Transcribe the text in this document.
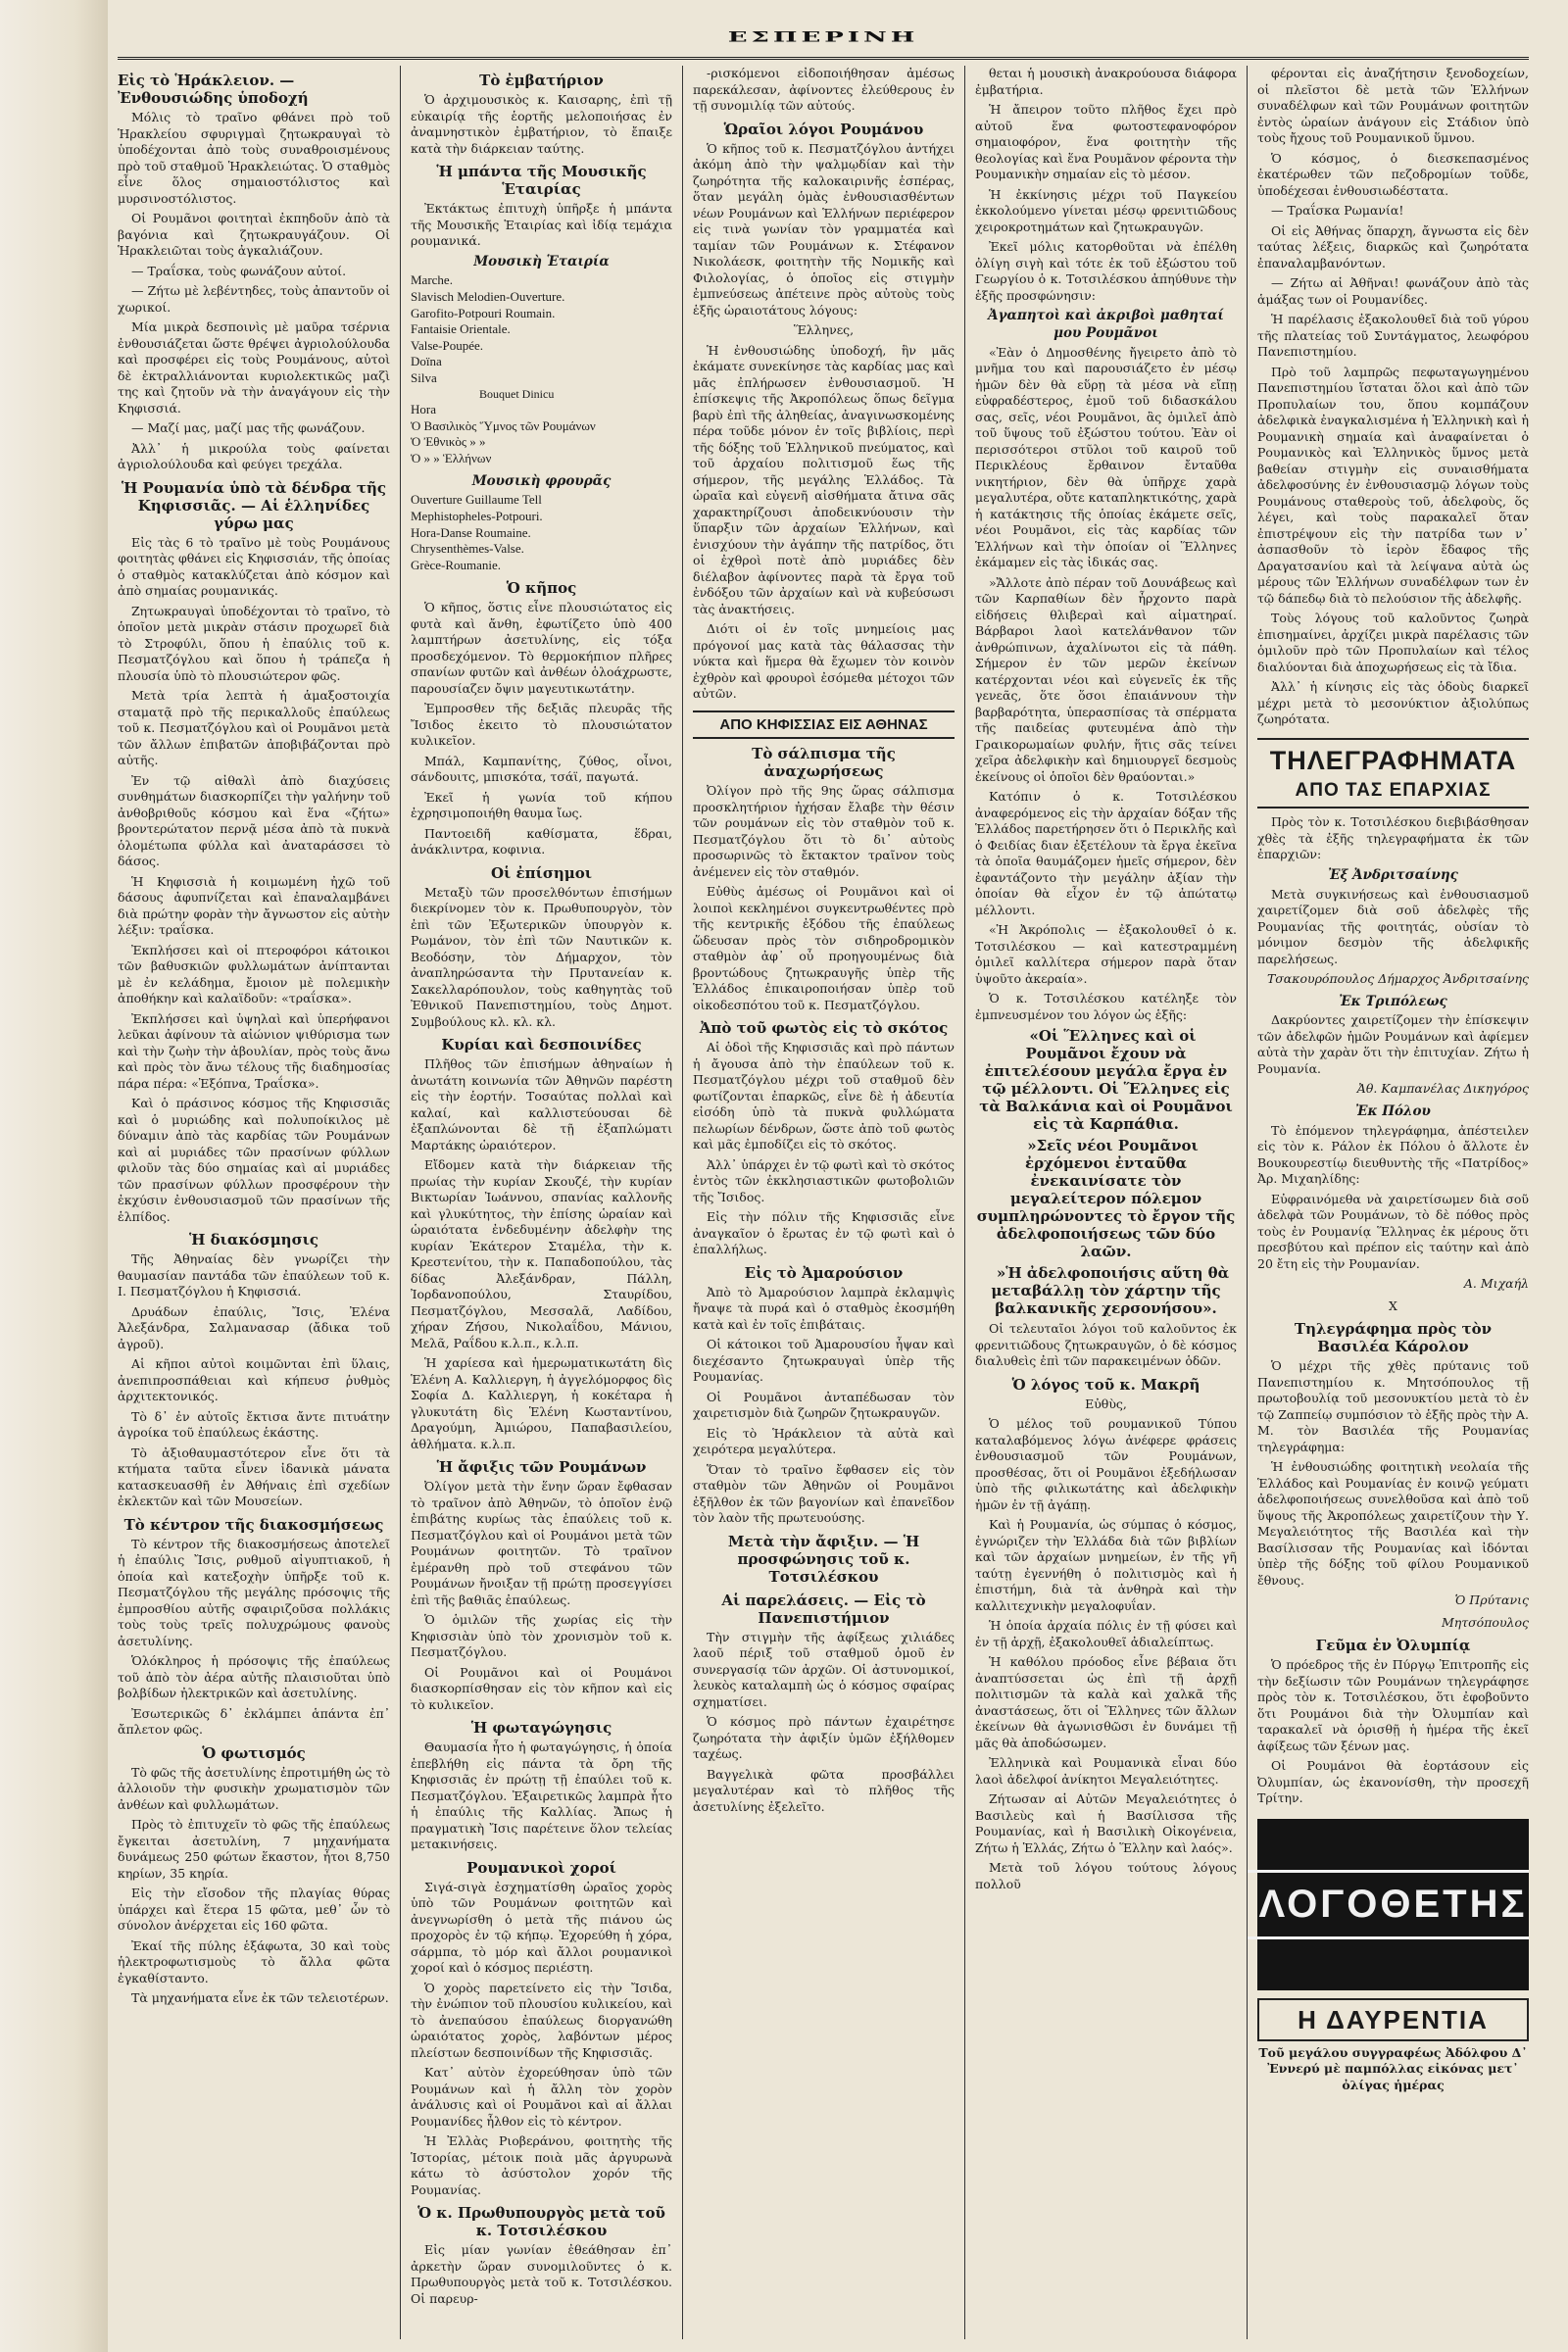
ΕΣΠΕΡΙΝΗ
Εἰς τὸ Ἡράκλειον. — Ἐνθουσιώδης ὑποδοχή

Μόλις τὸ τραῖνο φθάνει πρὸ τοῦ Ἡρακλείου σφυριγμαὶ ζητωκραυγαὶ τὸ ὑποδέχονται ἀπὸ τοὺς συναθροισμένους πρὸ τοῦ σταθμοῦ Ἡρακλειώτας. Ὁ σταθμὸς εἶνε ὅλος σημαιοστόλιστος καὶ μυρσινοστόλιστος.

Οἱ Ρουμᾶνοι φοιτηταὶ ἐκπηδοῦν ἀπὸ τὰ βαγόνια καὶ ζητωκραυγάζουν. Οἱ Ἡρακλειῶται τοὺς ἀγκαλιάζουν.

— Τραΐσκα, τοὺς φωνάζουν αὐτοί.

— Ζήτω μὲ λεβέντηδες, τοὺς ἀπαντοῦν οἱ χωρικοί.

Μία μικρὰ δεσποινὶς μὲ μαῦρα τσέρνια ἐνθουσιάζεται ὥστε θρέψει ἀγριολούλουδα καὶ προσφέρει εἰς τοὺς Ρουμάνους, αὐτοὶ δὲ ἐκτραλλιάνονται κυριολεκτικῶς μαζὶ της καὶ ζητοῦν νὰ τὴν ἀναγάγουν εἰς τὴν Κηφισσιά.

— Μαζί μας, μαζί μας τῆς φωνάζουν.

Ἀλλ᾽ ἡ μικρούλα τοὺς φαίνεται ἀγριολούλουδα καὶ φεύγει τρεχάλα.

Ἡ Ρουμανία ὑπὸ τὰ δένδρα τῆς Κηφισσιᾶς. — Αἱ ἑλληνίδες γύρω μας

Εἰς τὰς 6 τὸ τραῖνο μὲ τοὺς Ρουμάνους φοιτητὰς φθάνει εἰς Κηφισσιάν, τῆς ὁποίας ὁ σταθμὸς κατακλύζεται ἀπὸ κόσμον καὶ ἀπὸ σημαίας ρουμανικάς.

Ζητωκραυγαὶ ὑποδέχονται τὸ τραῖνο, τὸ ὁποῖον μετὰ μικρὰν στάσιν προχωρεῖ διὰ τὸ Στροφύλι, ὅπου ἡ ἐπαύλις τοῦ κ. Πεσματζόγλου καὶ ὅπου ἡ τράπεζα ἡ πλουσία ὑπὸ τὸ πλουσιώτερον φῶς.

Μετὰ τρία λεπτὰ ἡ ἁμαξοστοιχία σταματᾷ πρὸ τῆς περικαλλοῦς ἐπαύλεως τοῦ κ. Πεσματζόγλου καὶ οἱ Ρουμᾶνοι μετὰ τῶν ἄλλων ἐπιβατῶν ἀποβιβάζονται πρὸ αὐτῆς.

Ἐν τῷ αἰθαλὶ ἀπὸ διαχύσεις συνθημάτων διασκορπίζει τὴν γαλήνην τοῦ ἀνθοβριθοῦς κόσμου καὶ ἕνα «ζήτω» βροντερώτατον περνᾷ μέσα ἀπὸ τὰ πυκνὰ ὁλομέτωπα φύλλα καὶ ἀναταράσσει τὸ δάσος.

Ἡ Κηφισσιὰ ἡ κοιμωμένη ἠχῶ τοῦ δάσους ἀφυπνίζεται καὶ ἐπαναλαμβάνει διὰ πρώτην φορὰν τὴν ἄγνωστον εἰς αὐτὴν λέξιν: τραΐσκα.

Ἐκπλήσσει καὶ οἱ πτεροφόροι κάτοικοι τῶν βαθυσκιῶν φυλλωμάτων ἀνίπτανται μὲ ἐν κελάδημα, ἔμοιον μὲ πολεμικὴν ἀποθήκην καὶ καλαϊδοῦν: «τραΐσκα».

Ἐκπλήσσει καὶ ὑψηλαὶ καὶ ὑπερήφανοι λεῦκαι ἀφίνουν τὰ αἰώνιον ψιθύρισμα των καὶ τὴν ζωὴν τὴν ἀβουλίαν, πρὸς τοὺς ἄνω καὶ πρὸς τὸν ἄνω τέλους τῆς διαδημοσίας πάρα πέρα: «Ἐξόπνα, Τραΐσκα».

Καὶ ὁ πράσινος κόσμος τῆς Κηφισσιᾶς καὶ ὁ μυριώδης καὶ πολυποίκιλος μὲ δύναμιν ἀπὸ τὰς καρδίας τῶν Ρουμάνων καὶ αἱ μυριάδες τῶν πρασίνων φύλλων φιλοῦν τὰς δύο σημαίας καὶ αἱ μυριάδες τῶν πρασίνων φύλλων προσφέρουν τὴν ἐκχύσιν ἐνθουσιασμοῦ τῶν πρασίνων τῆς ἑλπίδος.

Ἡ διακόσμησις

Τῆς Ἀθηναίας δὲν γνωρίζει τὴν θαυμασίαν παντάδα τῶν ἐπαύλεων τοῦ κ. Ι. Πεσματζόγλου ἡ Κηφισσιά.

Δρυάδων ἐπαύλις, Ἴσις, Ἐλένα Ἀλεξάνδρα, Σαλμανασαρ (ἄδικα τοῦ ἀγροῦ).

Αἱ κῆποι αὐτοὶ κοιμῶνται ἐπὶ ὕλαις, ἀνεπιπροσπάθειαι καὶ κήπευσ ῥυθμὸς ἀρχιτεκτονικός.

Τὸ δ᾽ ἐν αὐτοῖς ἔκτισα ἄντε πιτυάτην ἀγροίκα τοῦ ἐπαύλεως ἑκάστης.

Τὸ ἀξιοθαυμαστότερον εἶνε ὅτι τὰ κτήματα ταῦτα εἶνεν ἰδανικὰ μάνατα κατασκευασθῆ ἐν Ἀθήναις ἐπὶ σχεδίων ἐκλεκτῶν καὶ τῶν Μουσείων.

Τὸ κέντρον τῆς διακοσμήσεως

Τὸ κέντρον τῆς διακοσμήσεως ἀποτελεῖ ἡ ἐπαύλις Ἴσις, ρυθμοῦ αἰγυπτιακοῦ, ἡ ὁποία καὶ κατεξοχὴν ὑπῆρξε τοῦ κ. Πεσματζόγλου τῆς μεγάλης πρόσοψις τῆς ἐμπροσθίου αὐτῆς σφαιριζοῦσα πολλάκις τοὺς τοὺς τρεῖς πολυχρώμους φανοὺς ἀσετυλίνης.

Ὁλόκληρος ἡ πρόσοψις τῆς ἐπαύλεως τοῦ ἀπὸ τὸν ἀέρα αὐτῆς πλαισιοῦται ὑπὸ βολβίδων ἠλεκτρικῶν καὶ ἀσετυλίνης.

Ἐσωτερικῶς δ᾽ ἐκλάμπει ἁπάντα ἐπ᾽ ἄπλετον φῶς.

Ὁ φωτισμός

Τὸ φῶς τῆς ἀσετυλίνης ἐπροτιμήθη ὡς τὸ ἀλλοιοῦν τὴν φυσικὴν χρωματισμὸν τῶν ἀνθέων καὶ φυλλωμάτων.

Πρὸς τὸ ἐπιτυχεῖν τὸ φῶς τῆς ἐπαύλεως ἔγκειται ἀσετυλίνη, 7 μηχανήματα δυνάμεως 250 φώτων ἕκαστον, ἦτοι 8,750 κηρίων, 35 κηρία.

Εἰς τὴν εἴσοδον τῆς πλαγίας θύρας ὑπάρχει καὶ ἕτερα 15 φῶτα, μεθ᾽ ὧν τὸ σύνολον ἀνέρχεται εἰς 160 φῶτα.

Ἐκαί τῆς πύλης ἑξάφωτα, 30 καὶ τοὺς ἡλεκτροφωτισμοὺς τὸ ἄλλα φῶτα ἐγκαθίσταντο.

Τὰ μηχανήματα εἶνε ἐκ τῶν τελειοτέρων.

Τὸ ἐμβατήριον

Ὁ ἀρχιμουσικὸς κ. Καισαρης, ἐπὶ τῇ εὐκαιρίᾳ τῆς ἑορτῆς μελοποιήσας ἐν ἀναμνηστικὸν ἐμβατήριον, τὸ ἔπαιξε κατὰ τὴν διάρκειαν ταύτης.

Ἡ μπάντα τῆς Μουσικῆς Ἑταιρίας

Ἐκτάκτως ἐπιτυχὴ ὑπῆρξε ἡ μπάντα τῆς Μουσικῆς Ἑταιρίας καὶ ἰδίᾳ τεμάχια ρουμανικά.

Μουσικὴ Ἑταιρία
Marche.
Slavisch Melodien-Ouverture.
Garofito-Potpouri Roumain.
Fantaisie Orientale.
Valse-Poupée.
Doïna
Silva
Bouquet Dinicu
Hora
Ὁ Βασιλικὸς Ὕμνος τῶν Ρουμάνων
Ὁ Ἐθνικὸς » »
Ὁ » » Ἑλλήνων
Μουσικὴ φρουρᾶς
Ouverture Guillaume Tell
Mephistopheles-Potpouri.
Hora-Danse Roumaine.
Chrysenthèmes-Valse.
Grèce-Roumanie.
Ὁ κῆπος

Ὁ κῆπος, ὅστις εἶνε πλουσιώτατος εἰς φυτὰ καὶ ἄνθη, ἐφωτίζετο ὑπὸ 400 λαμπτήρων ἀσετυλίνης, εἰς τόξα προσδεχόμενον. Τὸ θερμοκήπιον πλῆρες σπανίων φυτῶν καὶ ἀνθέων ὁλοάχρωστε, παρουσίαζεν ὄψιν μαγευτικωτάτην.

Ἐμπροσθεν τῆς δεξιᾶς πλευρᾶς τῆς Ἴσιδος ἐκειτο τὸ πλουσιώτατον κυλικεῖον.

Μπάλ, Καμπανίτης, ζύθος, οἶνοι, σάνδουιτς, μπισκότα, τσάϊ, παγωτά.

Ἐκεῖ ἡ γωνία τοῦ κήπου ἐχρησιμοποιήθη θαυμα ἴως.

Παντοειδῆ καθίσματα, ἕδραι, ἀνάκλιντρα, κοφινια.

Οἱ ἐπίσημοι

Μεταξὺ τῶν προσελθόντων ἐπισήμων διεκρίνομεν τὸν κ. Πρωθυπουργὸν, τὸν ἐπὶ τῶν Ἐξωτερικῶν ὑπουργὸν κ. Ρωμάνον, τὸν ἐπὶ τῶν Ναυτικῶν κ. Βεοδόσην, τὸν Δήμαρχον, τὸν ἀναπληρώσαντα τὴν Πρυτανείαν κ. Σακελλαρόπουλον, τοὺς καθηγητὰς τοῦ Ἐθνικοῦ Πανεπιστημίου, τοὺς Δημοτ. Συμβούλους κλ. κλ. κλ.

Κυρίαι καὶ δεσποινίδες

Πλῆθος τῶν ἐπισήμων ἀθηναίων ἡ ἀνωτάτη κοινωνία τῶν Ἀθηνῶν παρέστη εἰς τὴν ἑορτήν. Τοσαύτας πολλαὶ καὶ καλαί, καὶ καλλιστεύουσαι δὲ ἐξαπλώνονται δὲ τῇ ἐξαπλώματι Μαρτάκης ὡραιότερον.

Εἴδομεν κατὰ τὴν διάρκειαν τῆς πρωίας τὴν κυρίαν Σκουζέ, τὴν κυρίαν Βικτωρίαν Ἰωάννου, σπανίας καλλονῆς καὶ γλυκύτητος, τὴν ἐπίσης ὡραίαν καὶ ὡραιότατα ἐνδεδυμένην ἀδελφὴν της κυρίαν Ἑκάτερον Σταμέλα, τὴν κ. Κρεστενίτου, τὴν κ. Παπαδοπούλου, τὰς δίδας Ἀλεξάνδραν, Πάλλη, Ἰορδανοπούλου, Σταυρίδου, Πεσματζόγλου, Μεσσαλᾶ, Λαδίδου, χήραν Ζήσου, Νικολαΐδου, Μάνιου, Μελᾶ, Ραΐδου κ.λ.π., κ.λ.π.

Ἡ χαρίεσα καὶ ἡμερωματικωτάτη δὶς Ἑλένη Α. Καλλιεργη, ἡ ἀγγελόμορφος δὶς Σοφία Δ. Καλλιεργη, ἡ κοκέταρα ἡ γλυκυτάτη δὶς Ἑλένη Κωσταντίνου, Δραγούμη, Ἀμιώρου, Παπαβασιλείου, ἀθλήματα. κ.λ.π.

Ἡ ἄφιξις τῶν Ρουμάνων

Ὀλίγον μετὰ τὴν ἕνην ὥραν ἔφθασαν τὸ τραῖνον ἀπὸ Ἀθηνῶν, τὸ ὁποῖον ἐνῷ ἐπιβάτης κυρίως τὰς ἐπαύλεις τοῦ κ. Πεσματζόγλου καὶ οἱ Ρουμάνοι μετὰ τῶν Ρουμάνων φοιτητῶν. Τὸ τραῖνον ἐμέρανθη πρὸ τοῦ στεφάνου τῶν Ρουμάνων ἤνοιξαν τῇ πρώτῃ προσεγγίσει ἐπὶ τῆς βαθιᾶς ἐπαύλεως.

Ὁ ὁμιλῶν τῆς χωρίας εἰς τὴν Κηφισσιὰν ὑπὸ τὸν χρονισμὸν τοῦ κ. Πεσματζόγλου.

Οἱ Ρουμᾶνοι καὶ οἱ Ρουμάνοι διασκορπίσθησαν εἰς τὸν κῆπον καὶ εἰς τὸ κυλικεῖον.

Ἡ φωταγώγησις

Θαυμασία ἦτο ἡ φωταγώγησις, ἡ ὁποία ἐπεβλήθη εἰς πάντα τὰ ὄρη τῆς Κηφισσιᾶς ἐν πρώτῃ τῇ ἐπαύλει τοῦ κ. Πεσματζόγλου. Ἐξαιρετικῶς λαμπρὰ ἦτο ἡ ἐπαύλις τῆς Καλλίας. Ἄπως ἡ πραγματικὴ Ἴσις παρέτεινε ὅλον τελείας μετακινήσεις.

Ρουμανικοὶ χοροί

Σιγά-σιγὰ ἐσχηματίσθη ὡραῖος χορὸς ὑπὸ τῶν Ρουμάνων φοιτητῶν καὶ ἀνεγνωρίσθη ὁ μετὰ τῆς πιάνου ὡς προχορὸς ἐν τῷ κήπῳ. Ἐχορεύθη ἡ χόρα, σάρμπα, τὸ μόρ καὶ ἄλλοι ρουμανικοὶ χοροί καὶ ὁ κόσμος περιέστη.

Ὁ χορὸς παρετείνετο εἰς τὴν Ἴσιδα, τὴν ἐνώπιον τοῦ πλουσίου κυλικείου, καὶ τὸ ἀνεπαύσου ἐπαύλεως διοργανώθη ὡραιότατος χορὸς, λαβόντων μέρος πλείστων δεσποινίδων τῆς Κηφισσιᾶς.

Κατ᾽ αὐτὸν ἐχορεύθησαν ὑπὸ τῶν Ρουμάνων καὶ ἡ ἄλλη τὸν χορὸν ἀνάλυσις καὶ οἱ Ρουμᾶνοι καὶ αἱ ἄλλαι Ρουμανίδες ἦλθον εἰς τὸ κέντρον.

Ἡ Ἐλλὰς Ριοβεράνου, φοιτητὴς τῆς Ἱστορίας, μέτοικ ποιὰ μᾶς ἀργυρωνὰ κάτω τὸ ἀσύστολον χορόν τῆς Ρουμανίας.

Ὁ κ. Πρωθυπουργὸς μετὰ τοῦ κ. Τοτσιλέσκου

Εἰς μίαν γωνίαν ἐθεάθησαν ἐπ᾽ ἀρκετὴν ὥραν συνομιλοῦντες ὁ κ. Πρωθυπουργὸς μετὰ τοῦ κ. Τοτσιλέσκου. Οἱ παρευρ-

-ρισκόμενοι εἰδοποιήθησαν ἀμέσως παρεκάλεσαν, ἀφίνοντες ἐλεύθερους ἐν τῇ συνομιλίᾳ τῶν αὐτούς.

Ὡραῖοι λόγοι Ρουμάνου

Ὁ κῆπος τοῦ κ. Πεσματζόγλου ἀντήχει ἀκόμη ἀπὸ τὴν ψαλμῳδίαν καὶ τὴν ζωηρότητα τῆς καλοκαιρινῆς ἑσπέρας, ὅταν μεγάλη ὁμὰς ἐνθουσιασθέντων νέων Ρουμάνων καὶ Ἑλλήνων περιέφερον εἰς τινὰ γωνίαν τὸν γραμματέα καὶ ταμίαν τῶν Ρουμάνων κ. Στέφανον Νικολάεσκ, φοιτητὴν τῆς Νομικῆς καὶ Φιλολογίας, ὁ ὁποῖος εἰς στιγμὴν ἐμπνεύσεως ἀπέτεινε πρὸς αὐτοὺς τοὺς ἑξῆς ὡραιοτάτους λόγους:

Ἕλληνες,

Ἡ ἐνθουσιώδης ὑποδοχή, ἣν μᾶς ἐκάματε συνεκίνησε τὰς καρδίας μας καὶ μᾶς ἐπλήρωσεν ἐνθουσιασμοῦ. Ἡ ἐπίσκεψις τῆς Ἀκροπόλεως ὅπως δεῖγμα βαρὺ ἐπὶ τῆς ἀληθείας, ἀναγινωσκομένης πέρα τοῦδε μόνον ἐν τοῖς βιβλίοις, περὶ τῆς δόξης τοῦ Ἑλληνικοῦ πνεύματος, καὶ τοῦ ἀρχαίου πολιτισμοῦ ἕως τῆς σήμερον, τῆς μεγάλης Ἑλλάδος. Τὰ ὡραῖα καὶ εὐγενῆ αἰσθήματα ἄτινα σᾶς χαρακτηρίζουσι ἀποδεικνύουσιν τὴν ὕπαρξιν τῶν ἀρχαίων Ἑλλήνων, καὶ ἐνισχύουν τὴν ἀγάπην τῆς πατρίδος, ὅτι οἱ ἐχθροὶ ποτὲ ἀπὸ μυριάδες δὲν διέλαβον ἀφίνοντες παρὰ τὰ ἔργα τοῦ ἐνδόξου τῶν ἀρχαίων καὶ νὰ κυβεύσωσι τὰς ἀνακτήσεις.

Διότι οἱ ἐν τοῖς μνημείοις μας πρόγονοί μας κατὰ τὰς θάλασσας τὴν νύκτα καὶ ἥμερα θὰ ἔχωμεν τὸν κοινὸν ἐχθρὸν καὶ φρουροὶ ἐσόμεθα μέτοχοι τῶν αὐτῶν.

ΑΠΟ ΚΗΦΙΣΣΙΑΣ ΕΙΣ ΑΘΗΝΑΣ
Τὸ σάλπισμα τῆς ἀναχωρήσεως

Ὀλίγον πρὸ τῆς 9ης ὥρας σάλπισμα προσκλητήριον ἠχήσαν ἔλαβε τὴν θέσιν τῶν ρουμάνων εἰς τὸν σταθμὸν τοῦ κ. Πεσματζόγλου ὅτι τὸ δι᾽ αὐτοὺς προσωρινῶς τὸ ἔκτακτον τραῖνον τοὺς ἀνέμενεν εἰς τὸν σταθμόν.

Εὐθὺς ἀμέσως οἱ Ρουμᾶνοι καὶ οἱ λοιποὶ κεκλημένοι συγκεντρωθέντες πρὸ τῆς κεντρικῆς ἐξόδου τῆς ἐπαύλεως ὥδευσαν πρὸς τὸν σιδηροδρομικὸν σταθμὸν ἀφ᾽ οὗ προηγουμένως διὰ βροντώδους ζητωκραυγῆς ὑπὲρ τῆς Ἑλλάδος ἐπικαιροποιήσαν ὑπὲρ τοῦ οἰκοδεσπότου τοῦ κ. Πεσματζόγλου.

Ἀπὸ τοῦ φωτὸς εἰς τὸ σκότος

Αἱ ὁδοὶ τῆς Κηφισσιᾶς καὶ πρὸ πάντων ἡ ἄγουσα ἀπὸ τὴν ἐπαύλεων τοῦ κ. Πεσματζόγλου μέχρι τοῦ σταθμοῦ δὲν φωτίζονται ἐπαρκῶς, εἶνε δὲ ἡ ἀδευτία εἰσόδη ὑπὸ τὰ πυκνὰ φυλλώματα πελωρίων δένδρων, ὥστε ἀπὸ τοῦ φωτὸς καὶ μᾶς ἐμποδίζει εἰς τὸ σκότος.

Ἀλλ᾽ ὑπάρχει ἐν τῷ φωτὶ καὶ τὸ σκότος ἐντὸς τῶν ἐκκλησιαστικῶν φωτοβολιῶν τῆς Ἴσιδος.

Εἰς τὴν πόλιν τῆς Κηφισσιᾶς εἶνε ἀναγκαῖον ὁ ἔρωτας ἐν τῷ φωτὶ καὶ ὁ ἐπαλλήλως.

Εἰς τὸ Ἀμαρούσιον

Ἀπὸ τὸ Ἀμαρούσιον λαμπρὰ ἐκλαμψὶς ἤναψε τὰ πυρά καὶ ὁ σταθμὸς ἐκοσμήθη κατὰ καὶ ἐν τοῖς ἐπιβάταις.

Οἱ κάτοικοι τοῦ Ἀμαρουσίου ἧψαν καὶ διεχέσαντο ζητωκραυγαὶ ὑπὲρ τῆς Ρουμανίας.

Οἱ Ρουμᾶνοι ἀνταπέδωσαν τὸν χαιρετισμὸν διὰ ζωηρῶν ζητωκραυγῶν.

Εἰς τὸ Ἡράκλειον τὰ αὐτὰ καὶ χειρότερα μεγαλύτερα.

Ὅταν τὸ τραῖνο ἔφθασεν εἰς τὸν σταθμὸν τῶν Ἀθηνῶν οἱ Ρουμᾶνοι ἐξῆλθον ἐκ τῶν βαγονίων καὶ ἐπανεῖδον τὸν λαὸν τῆς πρωτευούσης.

Μετὰ τὴν ἄφιξιν. — Ἡ προσφώνησις τοῦ κ. Τοτσιλέσκου
Αἱ παρελάσεις. — Εἰς τὸ Πανεπιστήμιον

Τὴν στιγμὴν τῆς ἀφίξεως χιλιάδες λαοῦ πέριξ τοῦ σταθμοῦ ὁμοῦ ἐν συνεργασίᾳ τῶν ἀρχῶν. Οἱ ἀστυνομικοί, λευκὸς καταλαμπὴ ὡς ὁ κόσμος σφαίρας σχηματίσει.

Ὁ κόσμος πρὸ πάντων ἐχαιρέτησε ζωηρότατα τὴν ἀφιξίν ὑμῶν ἐξήλθομεν ταχέως.

Βαγγελικὰ φῶτα προσβάλλει μεγαλυτέραν καὶ τὸ πλῆθος τῆς ἀσετυλίνης ἐξελεῖτο.

θεται ἡ μουσικὴ ἀνακρούουσα διάφορα ἐμβατήρια.

Ἡ ἄπειρον τοῦτο πλῆθος ἔχει πρὸ αὐτοῦ ἕνα φωτοστεφανοφόρον σημαιοφόρον, ἕνα φοιτητὴν τῆς θεολογίας καὶ ἕνα Ρουμᾶνον φέροντα τὴν Ρουμανικὴν σημαίαν εἰς τὸ μέσον.

Ἡ ἐκκίνησις μέχρι τοῦ Παγκείου ἐκκολούμενο γίνεται μέσῳ φρενιτιῶδους χειροκροτημάτων καὶ ζητωκραυγῶν.

Ἐκεῖ μόλις κατορθοῦται νὰ ἐπέλθη ὀλίγη σιγὴ καὶ τότε ἐκ τοῦ ἐξώστου τοῦ Γεωργίου ὁ κ. Τοτσιλέσκου ἀπηύθυνε τὴν ἑξῆς προσφώνησιν:

Ἀγαπητοὶ καὶ ἀκριβοὶ μαθηταί μου Ρουμᾶνοι

«Ἐὰν ὁ Δημοσθένης ἤγειρετο ἀπὸ τὸ μνῆμα του καὶ παρουσιάζετο ἐν μέσῳ ἡμῶν δὲν θὰ εὕρῃ τὰ μέσα νὰ εἴπῃ εὐφραδέστερος, ἐμοῦ τοῦ διδασκάλου σας, σεῖς, νέοι Ρουμᾶνοι, ἂς ὁμιλεῖ ἀπὸ τοῦ ὕψους τοῦ ἐξώστου τούτου. Ἐὰν οἱ περισσότεροι στῦλοι τοῦ καιροῦ τοῦ Περικλέους ἔρθαινον ἔνταῦθα νικητήριον, δὲν θὰ ὑπῆρχε χαρὰ μεγαλυτέρα, οὔτε καταπληκτικότης, χαρὰ ἡ κατάκτησις τῆς ὁποίας ἐκάμετε σεῖς, νέοι Ρουμᾶνοι, εἰς τὰς καρδίας τῶν Ἑλλήνων καὶ τὴν ὁποίαν οἱ Ἕλληνες ἐκάμαμεν εἰς τὰς ἰδικάς σας.

»Ἄλλοτε ἀπὸ πέραν τοῦ Δουνάβεως καὶ τῶν Καρπαθίων δὲν ἦρχοντο παρὰ εἰδήσεις θλιβεραὶ καὶ αἱματηραί. Βάρβαροι λαοὶ κατελάνθανον τῶν ἀνθρώπινων, ἀχαλίνωτοι εἰς τὰ πάθη. Σήμερον ἐν τῶν μερῶν ἐκείνων κατέρχονται νέοι καὶ εὐγενεῖς ἐκ τῆς γενεᾶς, ὅτε ὅσοι ἐπαιάννουν τὴν βαρβαρότητα, ὑπερασπίσας τὰ σπέρματα τῆς παιδείας φυτευμένα ἀπὸ τὴν Γραικορωμαίων φυλήν, ἥτις σᾶς τείνει χεῖρα ἀδελφικὴν καὶ δημιουργεῖ δεσμοὺς ἐκείνους οἱ ὁποῖοι δὲν θραύονται.»

Κατόπιν ὁ κ. Τοτσιλέσκου ἀναφερόμενος εἰς τὴν ἀρχαίαν δόξαν τῆς Ἑλλάδος παρετήρησεν ὅτι ὁ Περικλῆς καὶ ὁ Φειδίας διαν ἐξετέλουν τὰ ἔργα ἐκεῖνα τὰ ὁποῖα θαυμάζομεν ἡμεῖς σήμερον, δὲν ἐφαντάζοντο τὴν μεγάλην ἀξίαν τὴν ὁποίαν θὰ εἶχον ἐν τῷ ἀπώτατῳ μέλλοντι.

«Ἡ Ἀκρόπολις — ἐξακολουθεῖ ὁ κ. Τοτσιλέσκου — καὶ κατεστραμμένη ὁμιλεῖ καλλίτερα σήμερον παρὰ ὅταν ὑψοῦτο ἀκεραία».

Ὁ κ. Τοτσιλέσκου κατέληξε τὸν ἐμπνευσμένον του λόγον ὡς ἑξῆς:

«Οἱ Ἕλληνες καὶ οἱ Ρουμᾶνοι ἔχουν νὰ ἐπιτελέσουν μεγάλα ἔργα ἐν τῷ μέλλοντι. Οἱ Ἕλληνες εἰς τὰ Βαλκάνια καὶ οἱ Ρουμᾶνοι εἰς τὰ Καρπάθια.

»Σεῖς νέοι Ρουμᾶνοι ἐρχόμενοι ἐνταῦθα ἐνεκαινίσατε τὸν μεγαλείτερον πόλεμον συμπληρώνοντες τὸ ἔργον τῆς ἀδελφοποιήσεως τῶν δύο λαῶν.

»Ἡ ἀδελφοποιήσις αὕτη θὰ μεταβάλλῃ τὸν χάρτην τῆς βαλκανικῆς χερσονήσου».

Οἱ τελευταῖοι λόγοι τοῦ καλοῦντος ἐκ φρενιτιῶδους ζητωκραυγῶν, ὁ δὲ κόσμος διαλυθεὶς ἐπὶ τῶν παρακειμένων ὁδῶν.

Ὁ λόγος τοῦ κ. Μακρῆ

Εὐθὺς,

Ὁ μέλος τοῦ ρουμανικοῦ Τύπου καταλαβόμενος λόγω ἀνέφερε φράσεις ἐνθουσιασμοῦ τῶν Ρουμάνων, προσθέσας, ὅτι οἱ Ρουμᾶνοι ἐξεδήλωσαν ὑπὸ τῆς φιλικωτάτης καὶ ἀδελφικὴν ἡμῶν ἐν τῇ ἀγάπῃ.

Καὶ ἡ Ρουμανία, ὡς σύμπας ὁ κόσμος, ἐγνώριζεν τὴν Ἑλλάδα διὰ τῶν βιβλίων καὶ τῶν ἀρχαίων μνημείων, ἐν τῆς γῆ ταύτῃ ἐγεννήθη ὁ πολιτισμὸς καὶ ἡ ἐπιστήμη, διὰ τὰ ἀνθηρὰ καὶ τὴν καλλιτεχνικὴν μεγαλοφυΐαν.

Ἡ ὁποία ἀρχαία πόλις ἐν τῇ φύσει καὶ ἐν τῇ ἀρχῇ, ἐξακολουθεῖ ἀδιαλείπτως.

Ἡ καθόλου πρόοδος εἶνε βέβαια ὅτι ἀναπτύσσεται ὡς ἐπὶ τῇ ἀρχῇ πολιτισμῶν τὰ καλὰ καὶ χαλκᾶ τῆς ἀναστάσεως, ὅτι οἱ Ἕλληνες τῶν ἄλλων ἐκείνων θὰ ἀγωνισθῶσι ἐν δυνάμει τῇ μᾶς θὰ ἀποδώσωμεν.

Ἐλληνικὰ καὶ Ρουμανικὰ εἶναι δύο λαοὶ ἀδελφοί ἀνίκητοι Μεγαλειότητες.

Ζήτωσαν αἱ Αὐτῶν Μεγαλειότητες ὁ Βασιλεὺς καὶ ἡ Βασίλισσα τῆς Ρουμανίας, καὶ ἡ Βασιλικὴ Οἰκογένεια, Ζήτω ἡ Ἑλλάς, Ζήτω ὁ Ἕλλην καὶ λαός».

Μετὰ τοῦ λόγου τούτους λόγους πολλοῦ

φέρονται εἰς ἀναζήτησιν ξενοδοχείων, οἱ πλεῖστοι δὲ μετὰ τῶν Ἑλλήνων συναδέλφων καὶ τῶν Ρουμάνων φοιτητῶν ἐντὸς ὡραίων ἀνάγουν εἰς Στάδιον ὑπὸ τοὺς ἤχους τοῦ Ρουμανικοῦ ὕμνου.

Ὁ κόσμος, ὁ διεσκεπασμένος ἐκατέρωθεν τῶν πεζοδρομίων τοῦδε, ὑποδέχεσαι ἐνθουσιωδέστατα.

— Τραΐσκα Ρωμανία!

Οἱ εἰς Ἀθήνας ὅπαρχη, ἄγνωστα εἰς δὲν ταύτας λέξεις, διαρκῶς καὶ ζωηρότατα ἐπαναλαμβανόντων.

— Ζήτω αἱ Ἀθῆναι! φωνάζουν ἀπὸ τὰς ἁμάξας των οἱ Ρουμανίδες.

Ἡ παρέλασις ἐξακολουθεῖ διὰ τοῦ γύρου τῆς πλατείας τοῦ Συντάγματος, λεωφόρου Πανεπιστημίου.

Πρὸ τοῦ λαμπρῶς πεφωταγωγημένου Πανεπιστημίου ἵσταται ὅλοι καὶ ἀπὸ τῶν Προπυλαίων του, ὅπου κομπάζουν ἀδελφικὰ ἐναγκαλισμένα ἡ Ἑλληνικὴ καὶ ἡ Ρουμανικὴ σημαία καὶ ἀναφαίνεται ὁ Ρουμανικὸς καὶ Ἑλληνικὸς ὕμνος μετὰ βαθείαν στιγμὴν εἰς συναισθήματα ἀδελφοσύνης ἐν ἐνθουσιασμῷ λόγων τοὺς Ρουμάνους σταθεροὺς τοῦ, ἀδελφοὺς, ὅς λέγει, καὶ τοὺς παρακαλεῖ ὅταν ἐπιστρέψουν εἰς τὴν πατρίδα των ν᾽ ἀσπασθοῦν τὸ ἱερὸν ἔδαφος τῆς Δραγατσανίου καὶ τὰ λείψανα αὐτὰ ὡς μέρους τῶν Ἑλλήνων συναδέλφων των ἐν τῷ δάπεδῳ διὰ τὸ πελούσιον τῆς ἀδελφῆς.

Τοὺς λόγους τοῦ καλοῦντος ζωηρὰ ἐπισημαίνει, ἀρχίζει μικρὰ παρέλασις τῶν ὁμιλοῦν πρὸ τῶν Προπυλαίων καὶ τέλος διαλύονται διὰ ἀποχωρήσεως εἰς τὰ ἴδια.

Ἀλλ᾽ ἡ κίνησις εἰς τὰς ὁδοὺς διαρκεῖ μέχρι μετὰ τὸ μεσονύκτιον ἀξιολύπως ζωηρότατα.

ΤΗΛΕΓΡΑΦΗΜΑΤΑ
ΑΠΟ ΤΑΣ ΕΠΑΡΧΙΑΣ

Πρὸς τὸν κ. Τοτσιλέσκου διεβιβάσθησαν χθὲς τὰ ἑξῆς τηλεγραφήματα ἐκ τῶν ἐπαρχιῶν:

Ἐξ Ἀνδριτσαίνης

Μετὰ συγκινήσεως καὶ ἐνθουσιασμοῦ χαιρετίζομεν διὰ σοῦ ἀδελφὲς τῆς Ρουμανίας τῆς φοιτητάς, οὐσίαν τὸ μόνιμον δεσμὸν τῆς ἀδελφικῆς παρελήσεως.

Τσακουρόπουλος Δήμαρχος Ἀνδριτσαίνης
Ἐκ Τριπόλεως

Δακρύοντες χαιρετίζομεν τὴν ἐπίσκεψιν τῶν ἀδελφῶν ἡμῶν Ρουμάνων καὶ ἀφίεμεν αὐτὰ τὴν χαρὰν ὅτι τὴν ἐπιτυχίαν. Ζήτω ἡ Ρουμανία.

Ἀθ. Καμπανέλας Δικηγόρος
Ἐκ Πόλου

Τὸ ἐπόμενον τηλεγράφημα, ἀπέστειλεν εἰς τὸν κ. Ράλον ἐκ Πόλου ὁ ἄλλοτε ἐν Βουκουρεστίῳ διευθυντὴς τῆς «Πατρίδος» Ἀρ. Μιχαηλίδης:

Εὐφραινόμεθα νὰ χαιρετίσωμεν διὰ σοῦ ἀδελφὰ τῶν Ρουμάνων, τὸ δὲ πόθος πρὸς τοὺς ἐν Ρουμανίᾳ Ἕλληνας ἐκ μέρους ὅτι πρεσβύτου καὶ πρέπον εἰς ταύτην καὶ ἀπὸ 20 ἔτη εἰς τὴν Ρουμανίαν.

Α. Μιχαήλ
Χ
Τηλεγράφημα πρὸς τὸν Βασιλέα Κάρολον

Ὁ μέχρι τῆς χθὲς πρύτανις τοῦ Πανεπιστημίου κ. Μητσόπουλος τῇ πρωτοβουλίᾳ τοῦ μεσονυκτίου μετὰ τὸ ἐν τῷ Ζαππείῳ συμπόσιον τὸ ἑξῆς πρὸς τὴν Α. Μ. τὸν Βασιλέα τῆς Ρουμανίας τηλεγράφημα:

Ἡ ἐνθουσιώδης φοιτητικὴ νεολαία τῆς Ἑλλάδος καὶ Ρουμανίας ἐν κοινῷ γεύματι ἀδελφοποιήσεως συνελθοῦσα καὶ ἀπὸ τοῦ ὕψους τῆς Ἀκροπόλεως χαιρετίζουν τὴν Υ. Μεγαλειότητος τῆς Βασιλέα καὶ τὴν Βασίλισσαν τῆς Ρουμανίας καὶ ἰδόνται ὑπὲρ τῆς δόξης τοῦ φίλου Ρουμανικοῦ ἔθνους.

Ὁ Πρύτανις
Μητσόπουλος
Γεῦμα ἐν Ὀλυμπίᾳ

Ὁ πρόεδρος τῆς ἐν Πύργῳ Ἐπιτροπῆς εἰς τὴν δεξίωσιν τῶν Ρουμάνων τηλεγράφησε πρὸς τὸν κ. Τοτσιλέσκου, ὅτι ἐφοβοῦντο ὅτι Ρουμάνοι διὰ τὴν Ὀλυμπίαν καὶ ταρακαλεῖ νὰ ὁρισθῇ ἡ ἡμέρα τῆς ἐκεῖ ἀφίξεως τῶν ξένων μας.

Οἱ Ρουμάνοι θὰ ἑορτάσουν εἰς Ὀλυμπίαν, ὡς ἐκανονίσθη, τὴν προσεχῆ Τρίτην.

ΛΟΓΟΘΕΤΗΣ
Η ΔΑΥΡΕΝΤΙΑ
Τοῦ μεγάλου συγγραφέως Ἀδόλφου Δ᾽ Ἐννερύ μὲ παμπόλλας εἰκόνας μετ᾽ ὀλίγας ἡμέρας
